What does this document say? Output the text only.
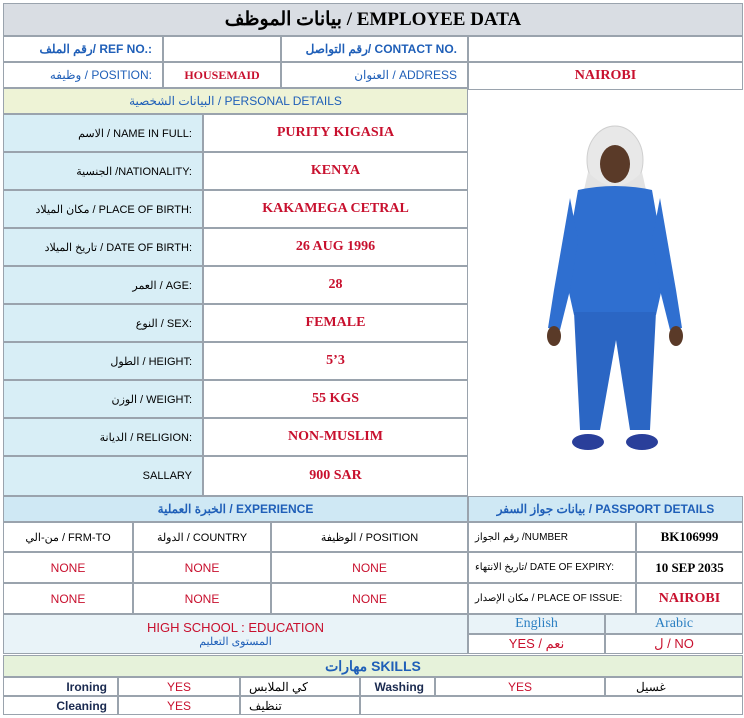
بيانات الموظف / EMPLOYEE DATA
رقم الملف/ REF NO.:	رقم التواصل/ CONTACT NO.
وظيفه / POSITION:	HOUSEMAID	العنوان / ADDRESS	NAIROBI
البيانات الشخصية / PERSONAL DETAILS
الاسم / NAME IN FULL:	PURITY KIGASIA
الجنسية /NATIONALITY:	KENYA
مكان الميلاد / PLACE OF BIRTH:	KAKAMEGA CETRAL
تاريخ الميلاد / DATE OF BIRTH:	26 AUG 1996
العمر / AGE:	28
النوع / SEX:	FEMALE
الطول / HEIGHT:	5’3
الوزن / WEIGHT:	55 KGS
الديانة / RELIGION:	NON-MUSLIM
SALLARY	900 SAR
الخبرة العملية / EXPERIENCE	بيانات جواز السفر / PASSPORT DETAILS
من-الي / FRM-TO	الدولة / COUNTRY	الوظيفة / POSITION
NONE	NONE	NONE
NONE	NONE	NONE
رقم الجواز /NUMBER	BK106999
تاريخ الانتهاء/ DATE OF EXPIRY:	10 SEP 2035
مكان الإصدار / PLACE OF ISSUE:	NAIROBI
HIGH SCHOOL : EDUCATION
المستوى التعليم
English	Arabic
YES / نعم	ل / NO
مهارات SKILLS
Ironing	YES	كي الملابس	Washing	YES	غسيل
Cleaning	YES	تنظيف
